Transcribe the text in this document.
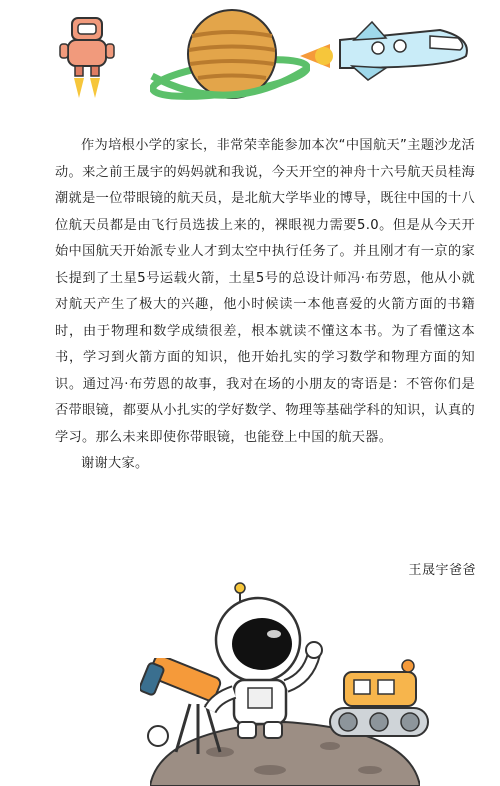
作为培根小学的家长，非常荣幸能参加本次“中国航天”主题沙龙活动。来之前王晟宇的妈妈就和我说，今天开空的神舟十六号航天员桂海潮就是一位带眼镜的航天员，是北航大学毕业的博导，既往中国的十八位航天员都是由飞行员选拔上来的，裸眼视力需要5.0。但是从今天开始中国航天开始派专业人才到太空中执行任务了。并且刚才有一京的家长提到了土星5号运载火箭，土星5号的总设计师冯·布劳恩，他从小就对航天产生了极大的兴趣，他小时候读一本他喜爱的火箭方面的书籍时，由于物理和数学成绩很差，根本就读不懂这本书。为了看懂这本书，学习到火箭方面的知识，他开始扎实的学习数学和物理方面的知识。通过冯·布劳恩的故事，我对在场的小朋友的寄语是：不管你们是否带眼镜，都要从小扎实的学好数学、物理等基础学科的知识，认真的学习。那么未来即使你带眼镜，也能登上中国的航天器。

谢谢大家。

王晟宇爸爸
